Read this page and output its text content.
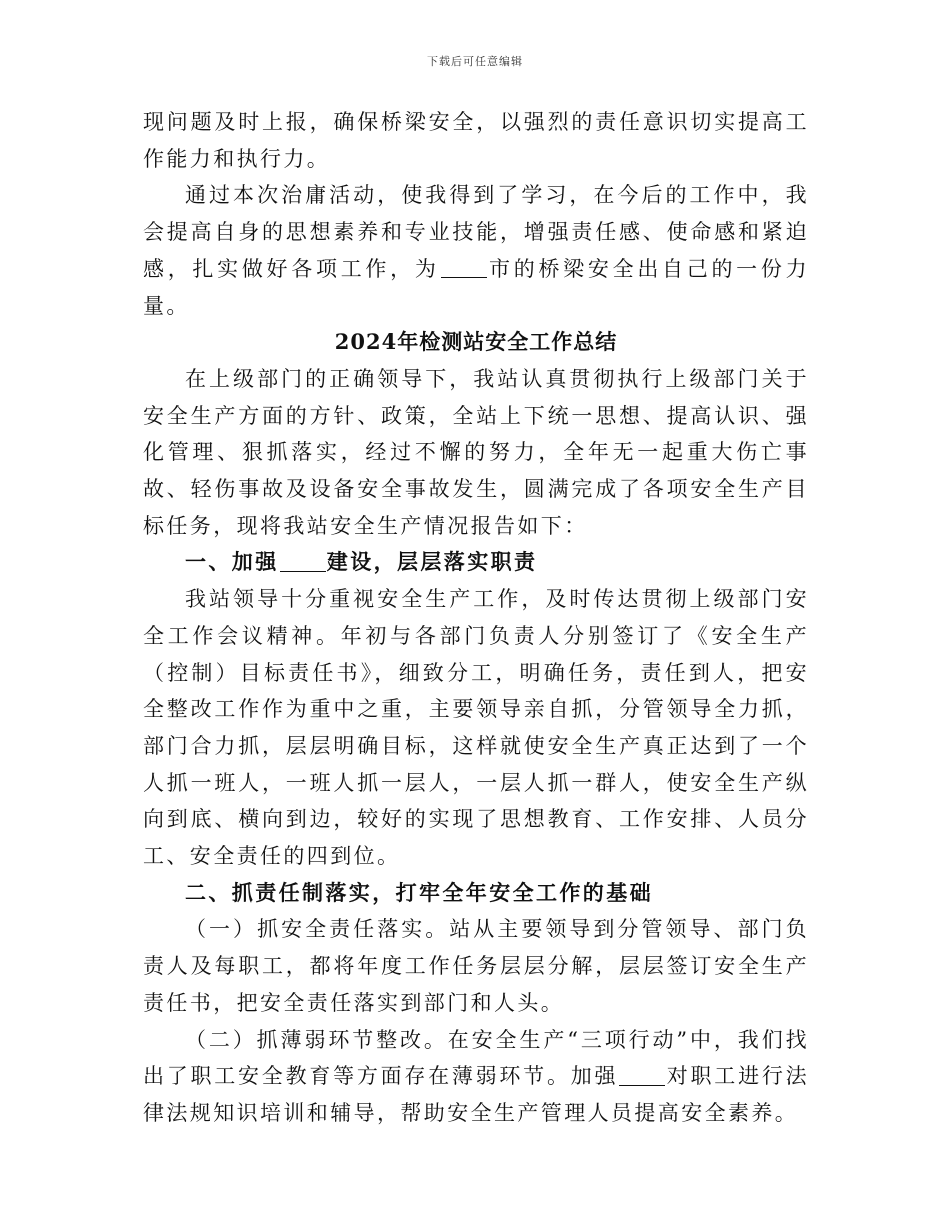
下载后可任意编辑

现问题及时上报，确保桥梁安全，以强烈的责任意识切实提高工作能力和执行力。

通过本次治庸活动，使我得到了学习，在今后的工作中，我会提高自身的思想素养和专业技能，增强责任感、使命感和紧迫感，扎实做好各项工作，为 市的桥梁安全出自己的一份力量。

2024年检测站安全工作总结

在上级部门的正确领导下，我站认真贯彻执行上级部门关于安全生产方面的方针、政策，全站上下统一思想、提高认识、强化管理、狠抓落实，经过不懈的努力，全年无一起重大伤亡事故、轻伤事故及设备安全事故发生，圆满完成了各项安全生产目标任务，现将我站安全生产情况报告如下：

一、加强 建设，层层落实职责

我站领导十分重视安全生产工作，及时传达贯彻上级部门安全工作会议精神。年初与各部门负责人分别签订了《安全生产（控制）目标责任书》，细致分工，明确任务，责任到人，把安全整改工作作为重中之重，主要领导亲自抓，分管领导全力抓，部门合力抓，层层明确目标，这样就使安全生产真正达到了一个人抓一班人，一班人抓一层人，一层人抓一群人，使安全生产纵向到底、横向到边，较好的实现了思想教育、工作安排、人员分工、安全责任的四到位。

二、抓责任制落实，打牢全年安全工作的基础

（一）抓安全责任落实。站从主要领导到分管领导、部门负责人及每职工，都将年度工作任务层层分解，层层签订安全生产责任书，把安全责任落实到部门和人头。

（二）抓薄弱环节整改。在安全生产“三项行动”中，我们找出了职工安全教育等方面存在薄弱环节。加强 对职工进行法律法规知识培训和辅导，帮助安全生产管理人员提高安全素养。
